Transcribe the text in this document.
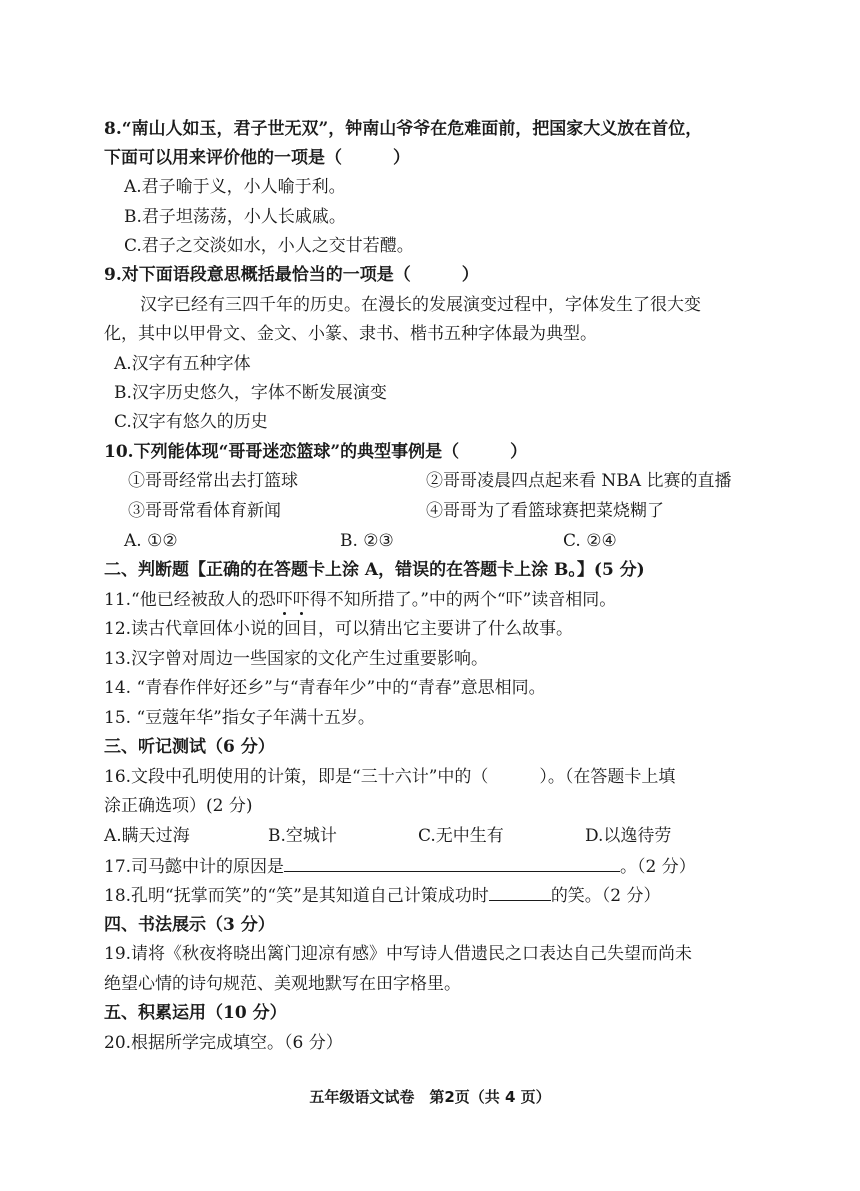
8.“南山人如玉，君子世无双”，钟南山爷爷在危难面前，把国家大义放在首位，
下面可以用来评价他的一项是（　　　）
A.君子喻于义，小人喻于利。
B.君子坦荡荡，小人长戚戚。
C.君子之交淡如水，小人之交甘若醴。
9.对下面语段意思概括最恰当的一项是（　　　）
汉字已经有三四千年的历史。在漫长的发展演变过程中，字体发生了很大变
化，其中以甲骨文、金文、小篆、隶书、楷书五种字体最为典型。
A.汉字有五种字体
B.汉字历史悠久，字体不断发展演变
C.汉字有悠久的历史
10.下列能体现“哥哥迷恋篮球”的典型事例是（　　　）
①哥哥经常出去打篮球	②哥哥凌晨四点起来看 NBA 比赛的直播
③哥哥常看体育新闻	④哥哥为了看篮球赛把菜烧糊了
A. ①②	B. ②③	C. ②④
二、判断题【正确的在答题卡上涂 A，错误的在答题卡上涂 B。】(5 分)
11.“他已经被敌人的恐吓吓得不知所措了。”中的两个“吓”读音相同。
12.读古代章回体小说的回目，可以猜出它主要讲了什么故事。
13.汉字曾对周边一些国家的文化产生过重要影响。
14. “青春作伴好还乡”与“青春年少”中的“青春”意思相同。
15. “豆蔻年华”指女子年满十五岁。
三、听记测试（6 分）
16.文段中孔明使用的计策，即是“三十六计”中的（　　　）。（在答题卡上填
涂正确选项）(2 分)
A.瞒天过海	B.空城计	C.无中生有	D.以逸待劳
17.司马懿中计的原因是	。（2 分）
18.孔明“抚掌而笑”的“笑”是其知道自己计策成功时	的笑。（2 分）
四、书法展示（3 分）
19.请将《秋夜将晓出篱门迎凉有感》中写诗人借遗民之口表达自己失望而尚未
绝望心情的诗句规范、美观地默写在田字格里。
五、积累运用（10 分）
20.根据所学完成填空。（6 分）
五年级语文试卷　第2页（共 4 页）
